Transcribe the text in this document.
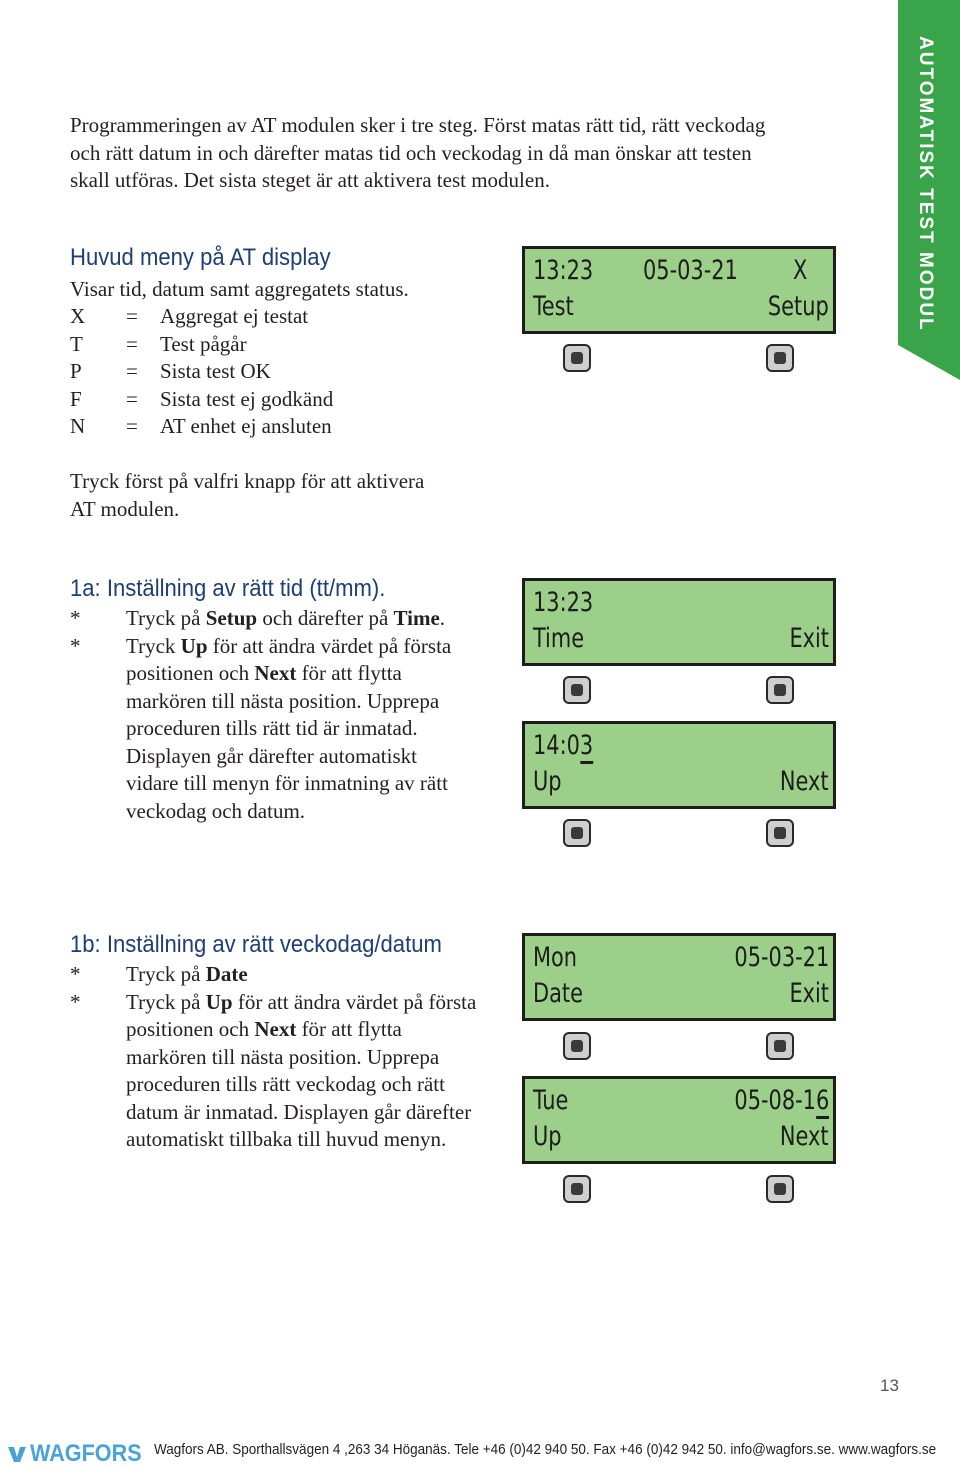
Programmeringen av AT modulen sker i tre steg. Först matas rätt tid, rätt veckodag och rätt datum in och därefter matas tid och veckodag in då man önskar att testen skall utföras. Det sista steget är att aktivera test modulen.
Huvud meny på AT display
Visar tid, datum samt aggregatets status.
X = Aggregat ej testat
T = Test pågår
P = Sista test OK
F = Sista test ej godkänd
N = AT enhet ej ansluten
Tryck först på valfri knapp för att aktivera AT modulen.
13:23 05-03-21 X
Test	Setup
1a: Inställning av rätt tid (tt/mm).
* Tryck på Setup och därefter på Time.
* Tryck Up för att ändra värdet på första positionen och Next för att flytta markören till nästa position. Upprepa proceduren tills rätt tid är inmatad. Displayen går därefter automatiskt vidare till menyn för inmatning av rätt veckodag och datum.
13:23
Time	Exit
14:03
Up	Next
1b: Inställning av rätt veckodag/datum
* Tryck på Date
* Tryck på Up för att ändra värdet på första positionen och Next för att flytta markören till nästa position. Upprepa proceduren tills rätt veckodag och rätt datum är inmatad. Displayen går därefter automatiskt tillbaka till huvud menyn.
Mon	05-03-21
Date	Exit
Tue	05-08-16
Up	Next
AUTOMATISK TEST MODUL
13
WAGFORS Wagfors AB. Sporthallsvägen 4 ,263 34 Höganäs. Tele +46 (0)42 940 50. Fax +46 (0)42 942 50. info@wagfors.se. www.wagfors.se
